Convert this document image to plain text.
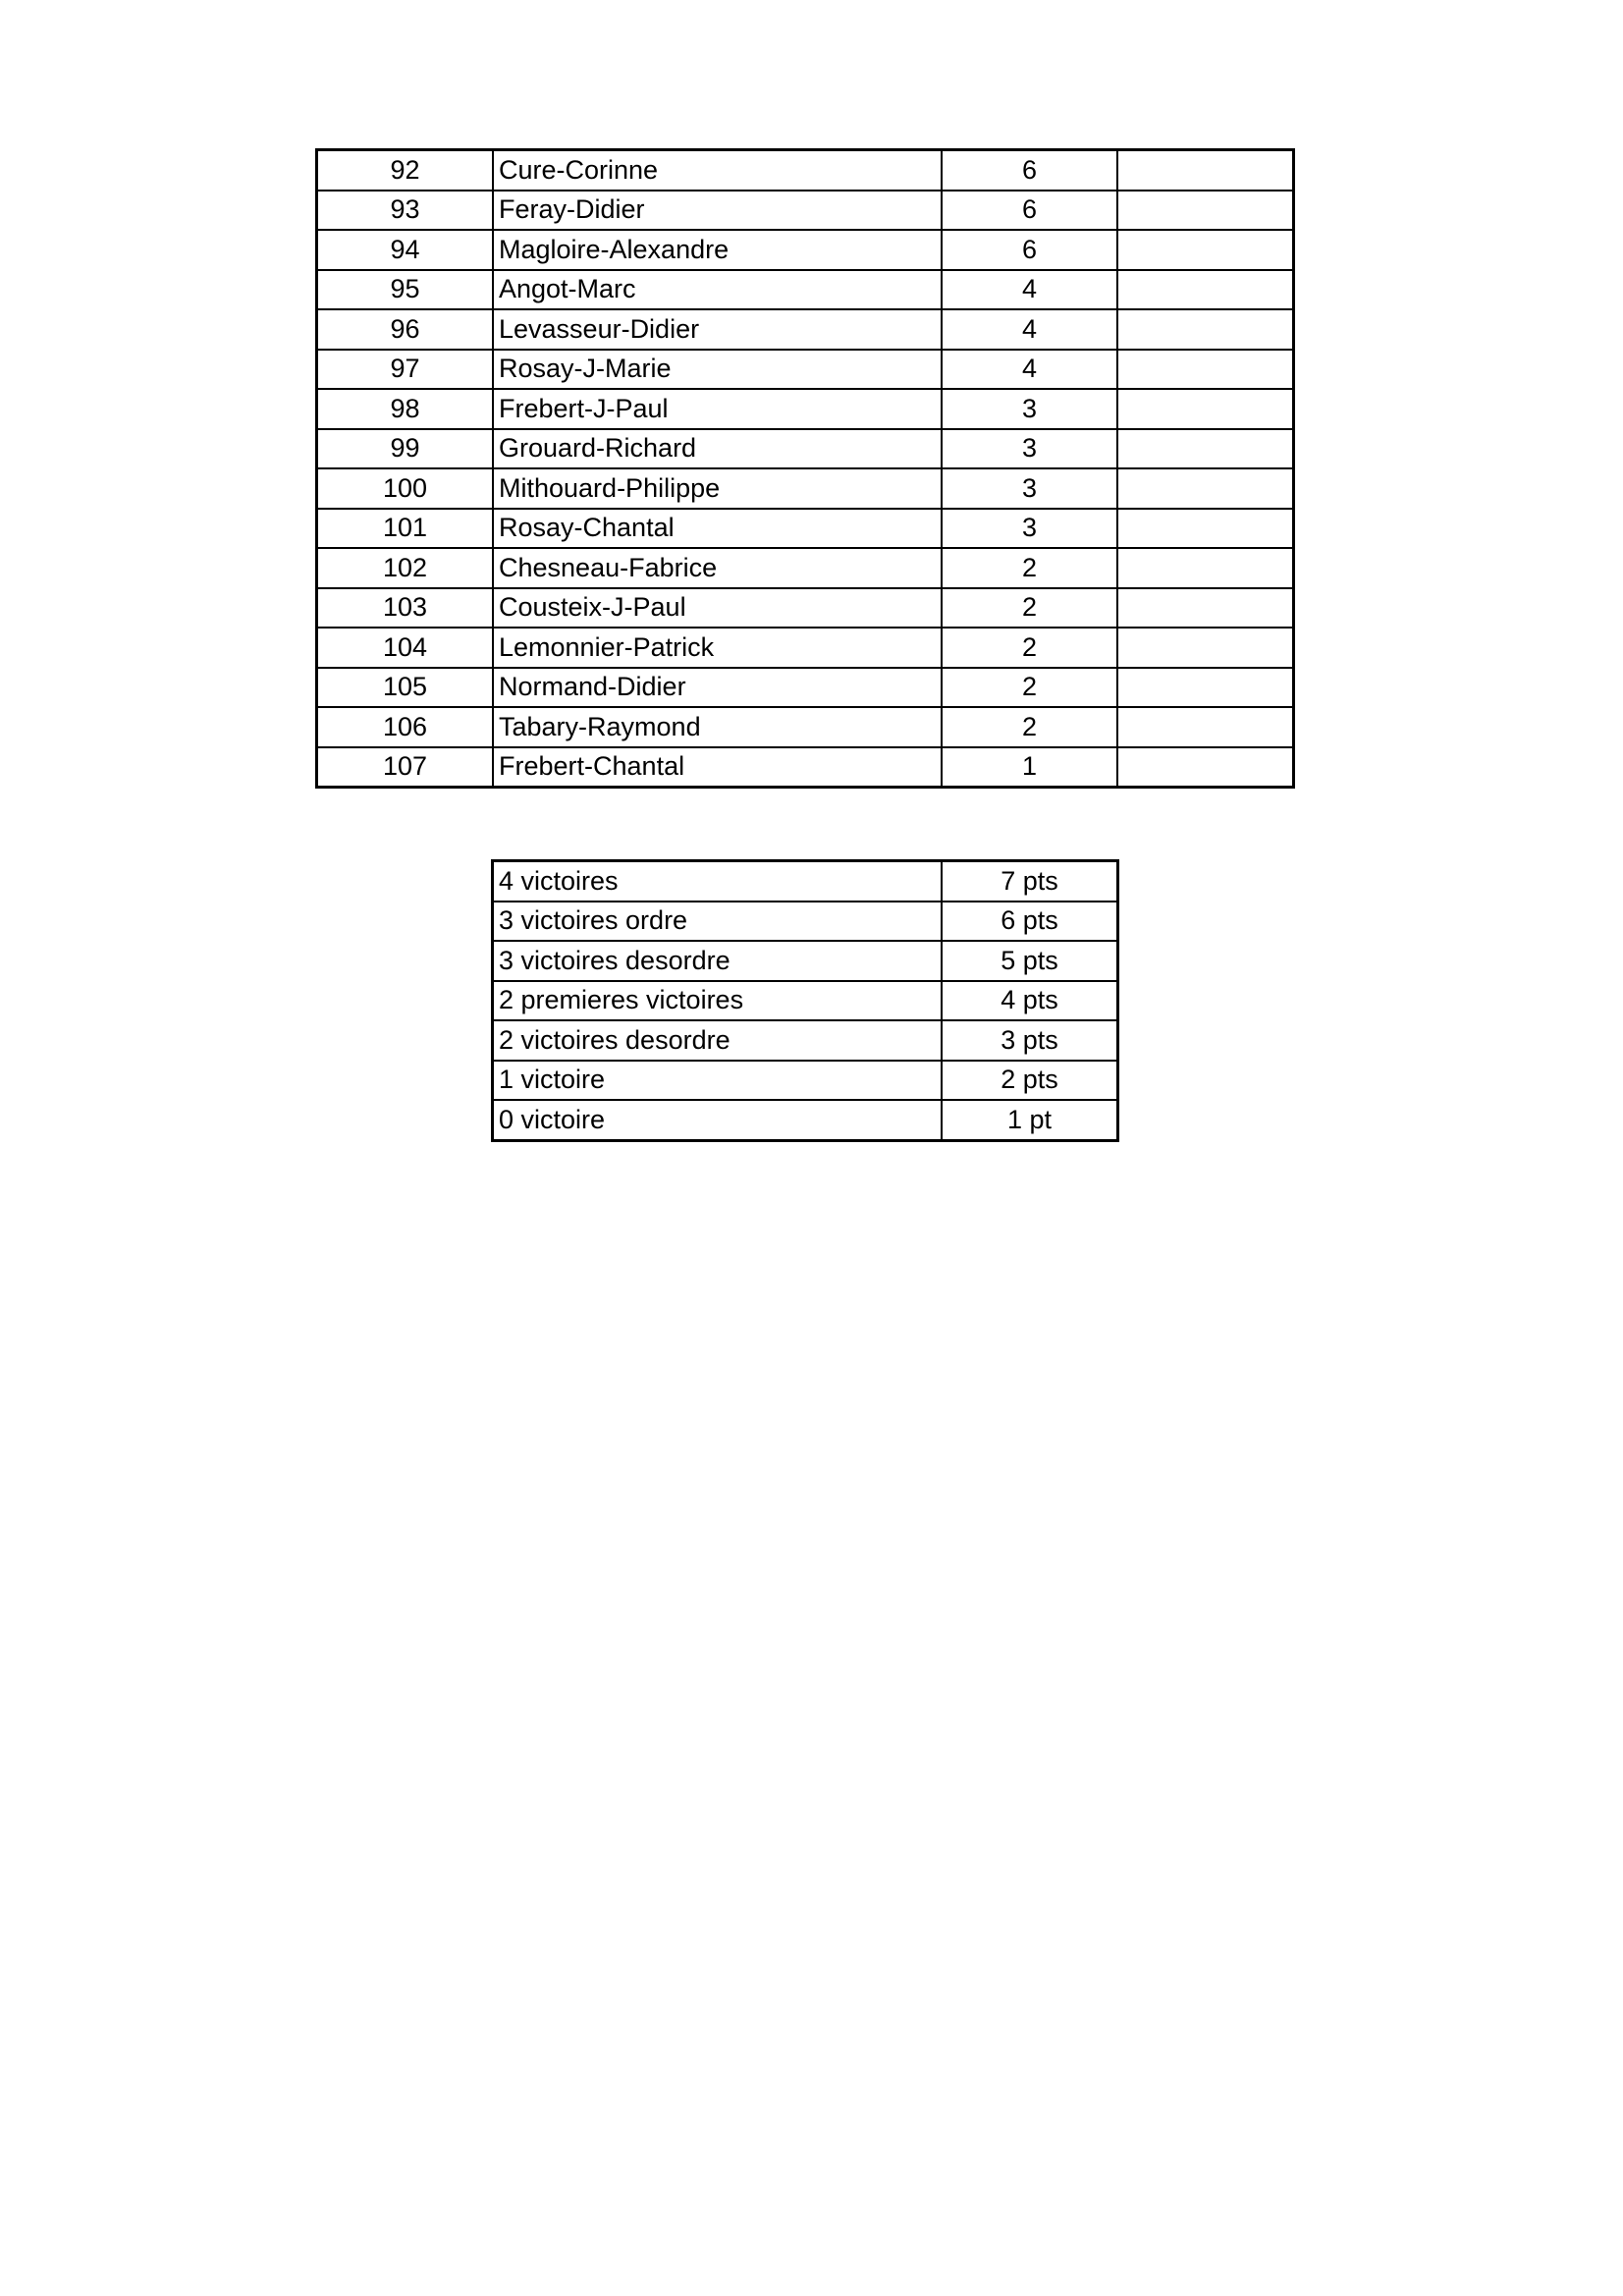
92	Cure-Corinne	6	
93	Feray-Didier	6	
94	Magloire-Alexandre	6	
95	Angot-Marc	4	
96	Levasseur-Didier	4	
97	Rosay-J-Marie	4	
98	Frebert-J-Paul	3	
99	Grouard-Richard	3	
100	Mithouard-Philippe	3	
101	Rosay-Chantal	3	
102	Chesneau-Fabrice	2	
103	Cousteix-J-Paul	2	
104	Lemonnier-Patrick	2	
105	Normand-Didier	2	
106	Tabary-Raymond	2	
107	Frebert-Chantal	1	
4 victoires	7 pts
3 victoires ordre	6 pts
3 victoires desordre	5 pts
2 premieres victoires	4 pts
2 victoires desordre	3 pts
1 victoire	2 pts
0 victoire	1 pt
